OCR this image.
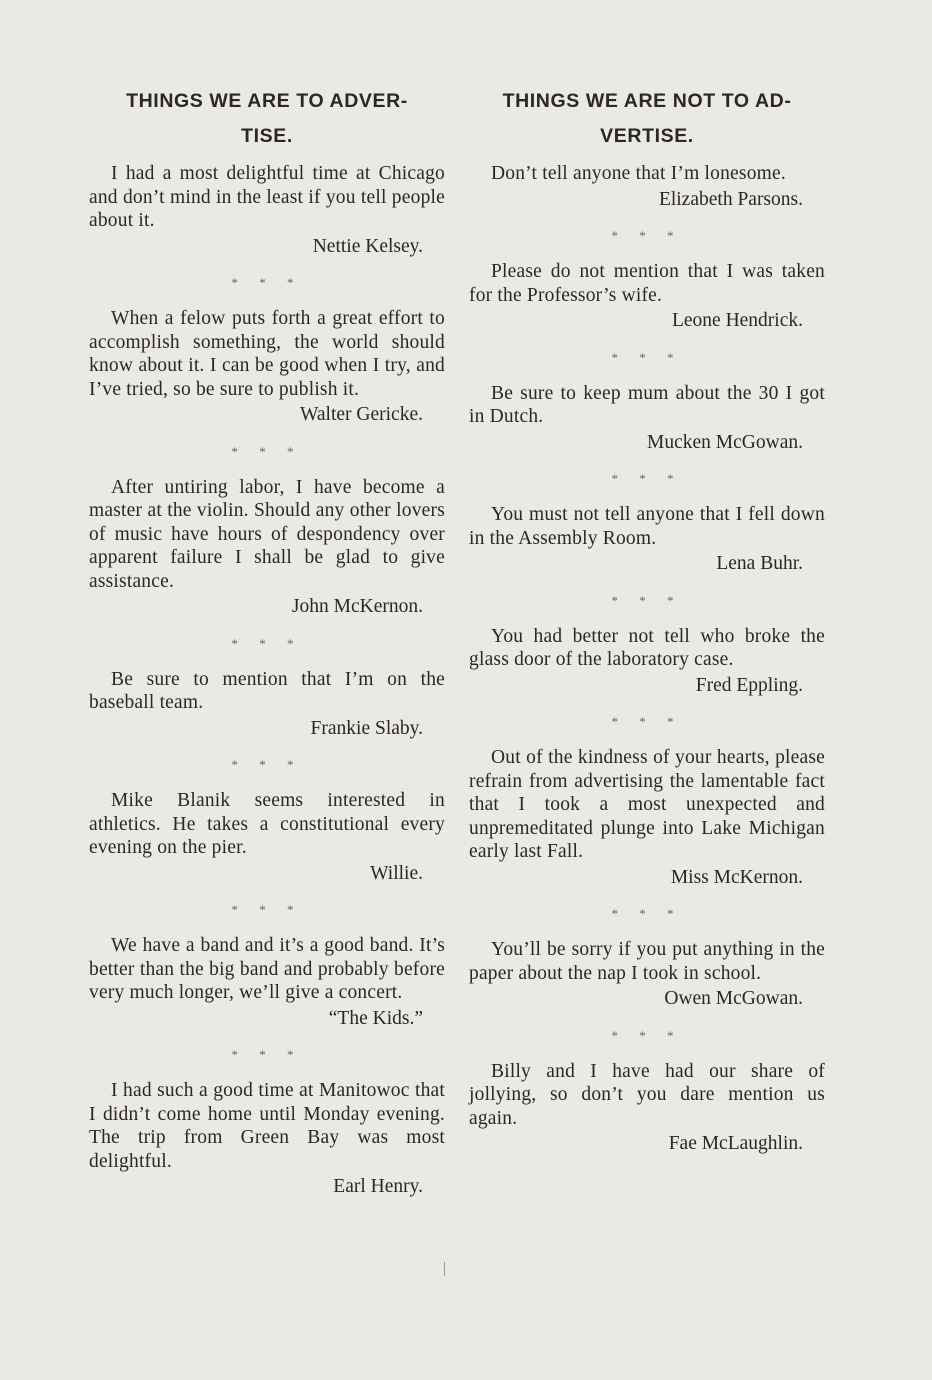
THINGS WE ARE TO ADVER-
TISE.

I had a most delightful time at Chicago and don’t mind in the least if you tell people about it.

Nettie Kelsey.

* * *

When a felow puts forth a great effort to accomplish something, the world should know about it. I can be good when I try, and I’ve tried, so be sure to publish it.

Walter Gericke.

* * *

After untiring labor, I have become a master at the violin. Should any other lovers of music have hours of despondency over apparent failure I shall be glad to give assistance.

John McKernon.

* * *

Be sure to mention that I’m on the baseball team.

Frankie Slaby.

* * *

Mike Blanik seems interested in athletics. He takes a constitutional every evening on the pier.

Willie.

* * *

We have a band and it’s a good band. It’s better than the big band and probably before very much longer, we’ll give a concert.

“The Kids.”

* * *

I had such a good time at Manitowoc that I didn’t come home until Monday evening. The trip from Green Bay was most delightful.

Earl Henry.

THINGS WE ARE NOT TO AD-
VERTISE.

Don’t tell anyone that I’m lonesome.

Elizabeth Parsons.

* * *

Please do not mention that I was taken for the Professor’s wife.

Leone Hendrick.

* * *

Be sure to keep mum about the 30 I got in Dutch.

Mucken McGowan.

* * *

You must not tell anyone that I fell down in the Assembly Room.

Lena Buhr.

* * *

You had better not tell who broke the glass door of the laboratory case.

Fred Eppling.

* * *

Out of the kindness of your hearts, please refrain from advertising the lamentable fact that I took a most unexpected and unpremeditated plunge into Lake Michigan early last Fall.

Miss McKernon.

* * *

You’ll be sorry if you put anything in the paper about the nap I took in school.

Owen McGowan.

* * *

Billy and I have had our share of jollying, so don’t you dare mention us again.

Fae McLaughlin.
